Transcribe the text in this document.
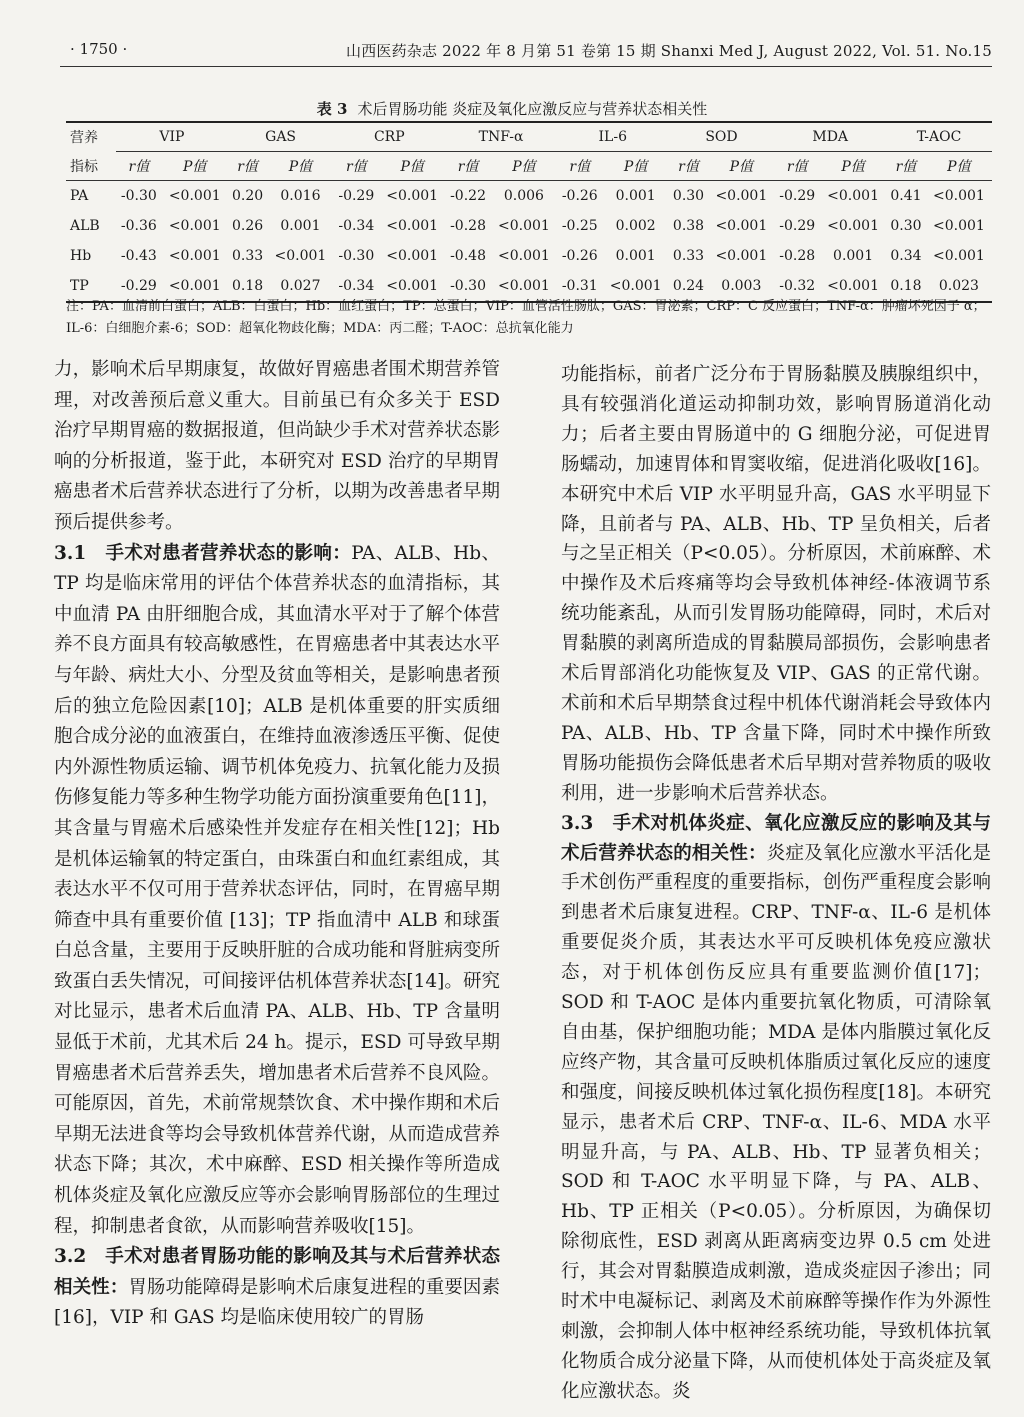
· 1750 ·	山西医药杂志 2022 年 8 月第 51 卷第 15 期 Shanxi Med J, August 2022, Vol. 51. No.15
表 3 术后胃肠功能 炎症及氧化应激反应与营养状态相关性
营养	VIP		GAS		CRP		TNF-α		IL-6		SOD		MDA		T-AOC	
指标	r值	P值	r值	P值	r值	P值	r值	P值	r值	P值	r值	P值	r值	P值	r值	P值
PA	-0.30	<0.001	0.20	0.016	-0.29	<0.001	-0.22	0.006	-0.26	0.001	0.30	<0.001	-0.29	<0.001	0.41	<0.001
ALB	-0.36	<0.001	0.26	0.001	-0.34	<0.001	-0.28	<0.001	-0.25	0.002	0.38	<0.001	-0.29	<0.001	0.30	<0.001
Hb	-0.43	<0.001	0.33	<0.001	-0.30	<0.001	-0.48	<0.001	-0.26	0.001	0.33	<0.001	-0.28	0.001	0.34	<0.001
TP	-0.29	<0.001	0.18	0.027	-0.34	<0.001	-0.30	<0.001	-0.31	<0.001	0.24	0.003	-0.32	<0.001	0.18	0.023
注：PA：血清前白蛋白；ALB：白蛋白；Hb：血红蛋白；TP：总蛋白；VIP：血管活性肠肽；GAS：胃泌素；CRP：C 反应蛋白；TNF-α：肿瘤坏死因子 α；IL-6：白细胞介素-6；SOD：超氧化物歧化酶；MDA：丙二醛；T-AOC：总抗氧化能力

力，影响术后早期康复，故做好胃癌患者围术期营养管理，对改善预后意义重大。目前虽已有众多关于 ESD 治疗早期胃癌的数据报道，但尚缺少手术对营养状态影响的分析报道，鉴于此，本研究对 ESD 治疗的早期胃癌患者术后营养状态进行了分析，以期为改善患者早期预后提供参考。

3.1　手术对患者营养状态的影响：PA、ALB、Hb、TP 均是临床常用的评估个体营养状态的血清指标，其中血清 PA 由肝细胞合成，其血清水平对于了解个体营养不良方面具有较高敏感性，在胃癌患者中其表达水平与年龄、病灶大小、分型及贫血等相关，是影响患者预后的独立危险因素[10]；ALB 是机体重要的肝实质细胞合成分泌的血液蛋白，在维持血液渗透压平衡、促使内外源性物质运输、调节机体免疫力、抗氧化能力及损伤修复能力等多种生物学功能方面扮演重要角色[11]，其含量与胃癌术后感染性并发症存在相关性[12]；Hb 是机体运输氧的特定蛋白，由珠蛋白和血红素组成，其表达水平不仅可用于营养状态评估，同时，在胃癌早期筛查中具有重要价值 [13]；TP 指血清中 ALB 和球蛋白总含量，主要用于反映肝脏的合成功能和肾脏病变所致蛋白丢失情况，可间接评估机体营养状态[14]。研究对比显示，患者术后血清 PA、ALB、Hb、TP 含量明显低于术前，尤其术后 24 h。提示，ESD 可导致早期胃癌患者术后营养丢失，增加患者术后营养不良风险。可能原因，首先，术前常规禁饮食、术中操作期和术后早期无法进食等均会导致机体营养代谢，从而造成营养状态下降；其次，术中麻醉、ESD 相关操作等所造成机体炎症及氧化应激反应等亦会影响胃肠部位的生理过程，抑制患者食欲，从而影响营养吸收[15]。

3.2　手术对患者胃肠功能的影响及其与术后营养状态相关性：胃肠功能障碍是影响术后康复进程的重要因素[16]，VIP 和 GAS 均是临床使用较广的胃肠

功能指标，前者广泛分布于胃肠黏膜及胰腺组织中，具有较强消化道运动抑制功效，影响胃肠道消化动力；后者主要由胃肠道中的 G 细胞分泌，可促进胃肠蠕动，加速胃体和胃窦收缩，促进消化吸收[16]。本研究中术后 VIP 水平明显升高，GAS 水平明显下降，且前者与 PA、ALB、Hb、TP 呈负相关，后者与之呈正相关（P<0.05）。分析原因，术前麻醉、术中操作及术后疼痛等均会导致机体神经-体液调节系统功能紊乱，从而引发胃肠功能障碍，同时，术后对胃黏膜的剥离所造成的胃黏膜局部损伤，会影响患者术后胃部消化功能恢复及 VIP、GAS 的正常代谢。术前和术后早期禁食过程中机体代谢消耗会导致体内 PA、ALB、Hb、TP 含量下降，同时术中操作所致胃肠功能损伤会降低患者术后早期对营养物质的吸收利用，进一步影响术后营养状态。

3.3　手术对机体炎症、氧化应激反应的影响及其与术后营养状态的相关性：炎症及氧化应激水平活化是手术创伤严重程度的重要指标，创伤严重程度会影响到患者术后康复进程。CRP、TNF-α、IL-6 是机体重要促炎介质，其表达水平可反映机体免疫应激状态，对于机体创伤反应具有重要监测价值[17]；SOD 和 T-AOC 是体内重要抗氧化物质，可清除氧自由基，保护细胞功能；MDA 是体内脂膜过氧化反应终产物，其含量可反映机体脂质过氧化反应的速度和强度，间接反映机体过氧化损伤程度[18]。本研究显示，患者术后 CRP、TNF-α、IL-6、MDA 水平明显升高，与 PA、ALB、Hb、TP 显著负相关；SOD 和 T-AOC 水平明显下降，与 PA、ALB、Hb、TP 正相关（P<0.05）。分析原因，为确保切除彻底性，ESD 剥离从距离病变边界 0.5 cm 处进行，其会对胃黏膜造成刺激，造成炎症因子渗出；同时术中电凝标记、剥离及术前麻醉等操作作为外源性刺激，会抑制人体中枢神经系统功能，导致机体抗氧化物质合成分泌量下降，从而使机体处于高炎症及氧化应激状态。炎
